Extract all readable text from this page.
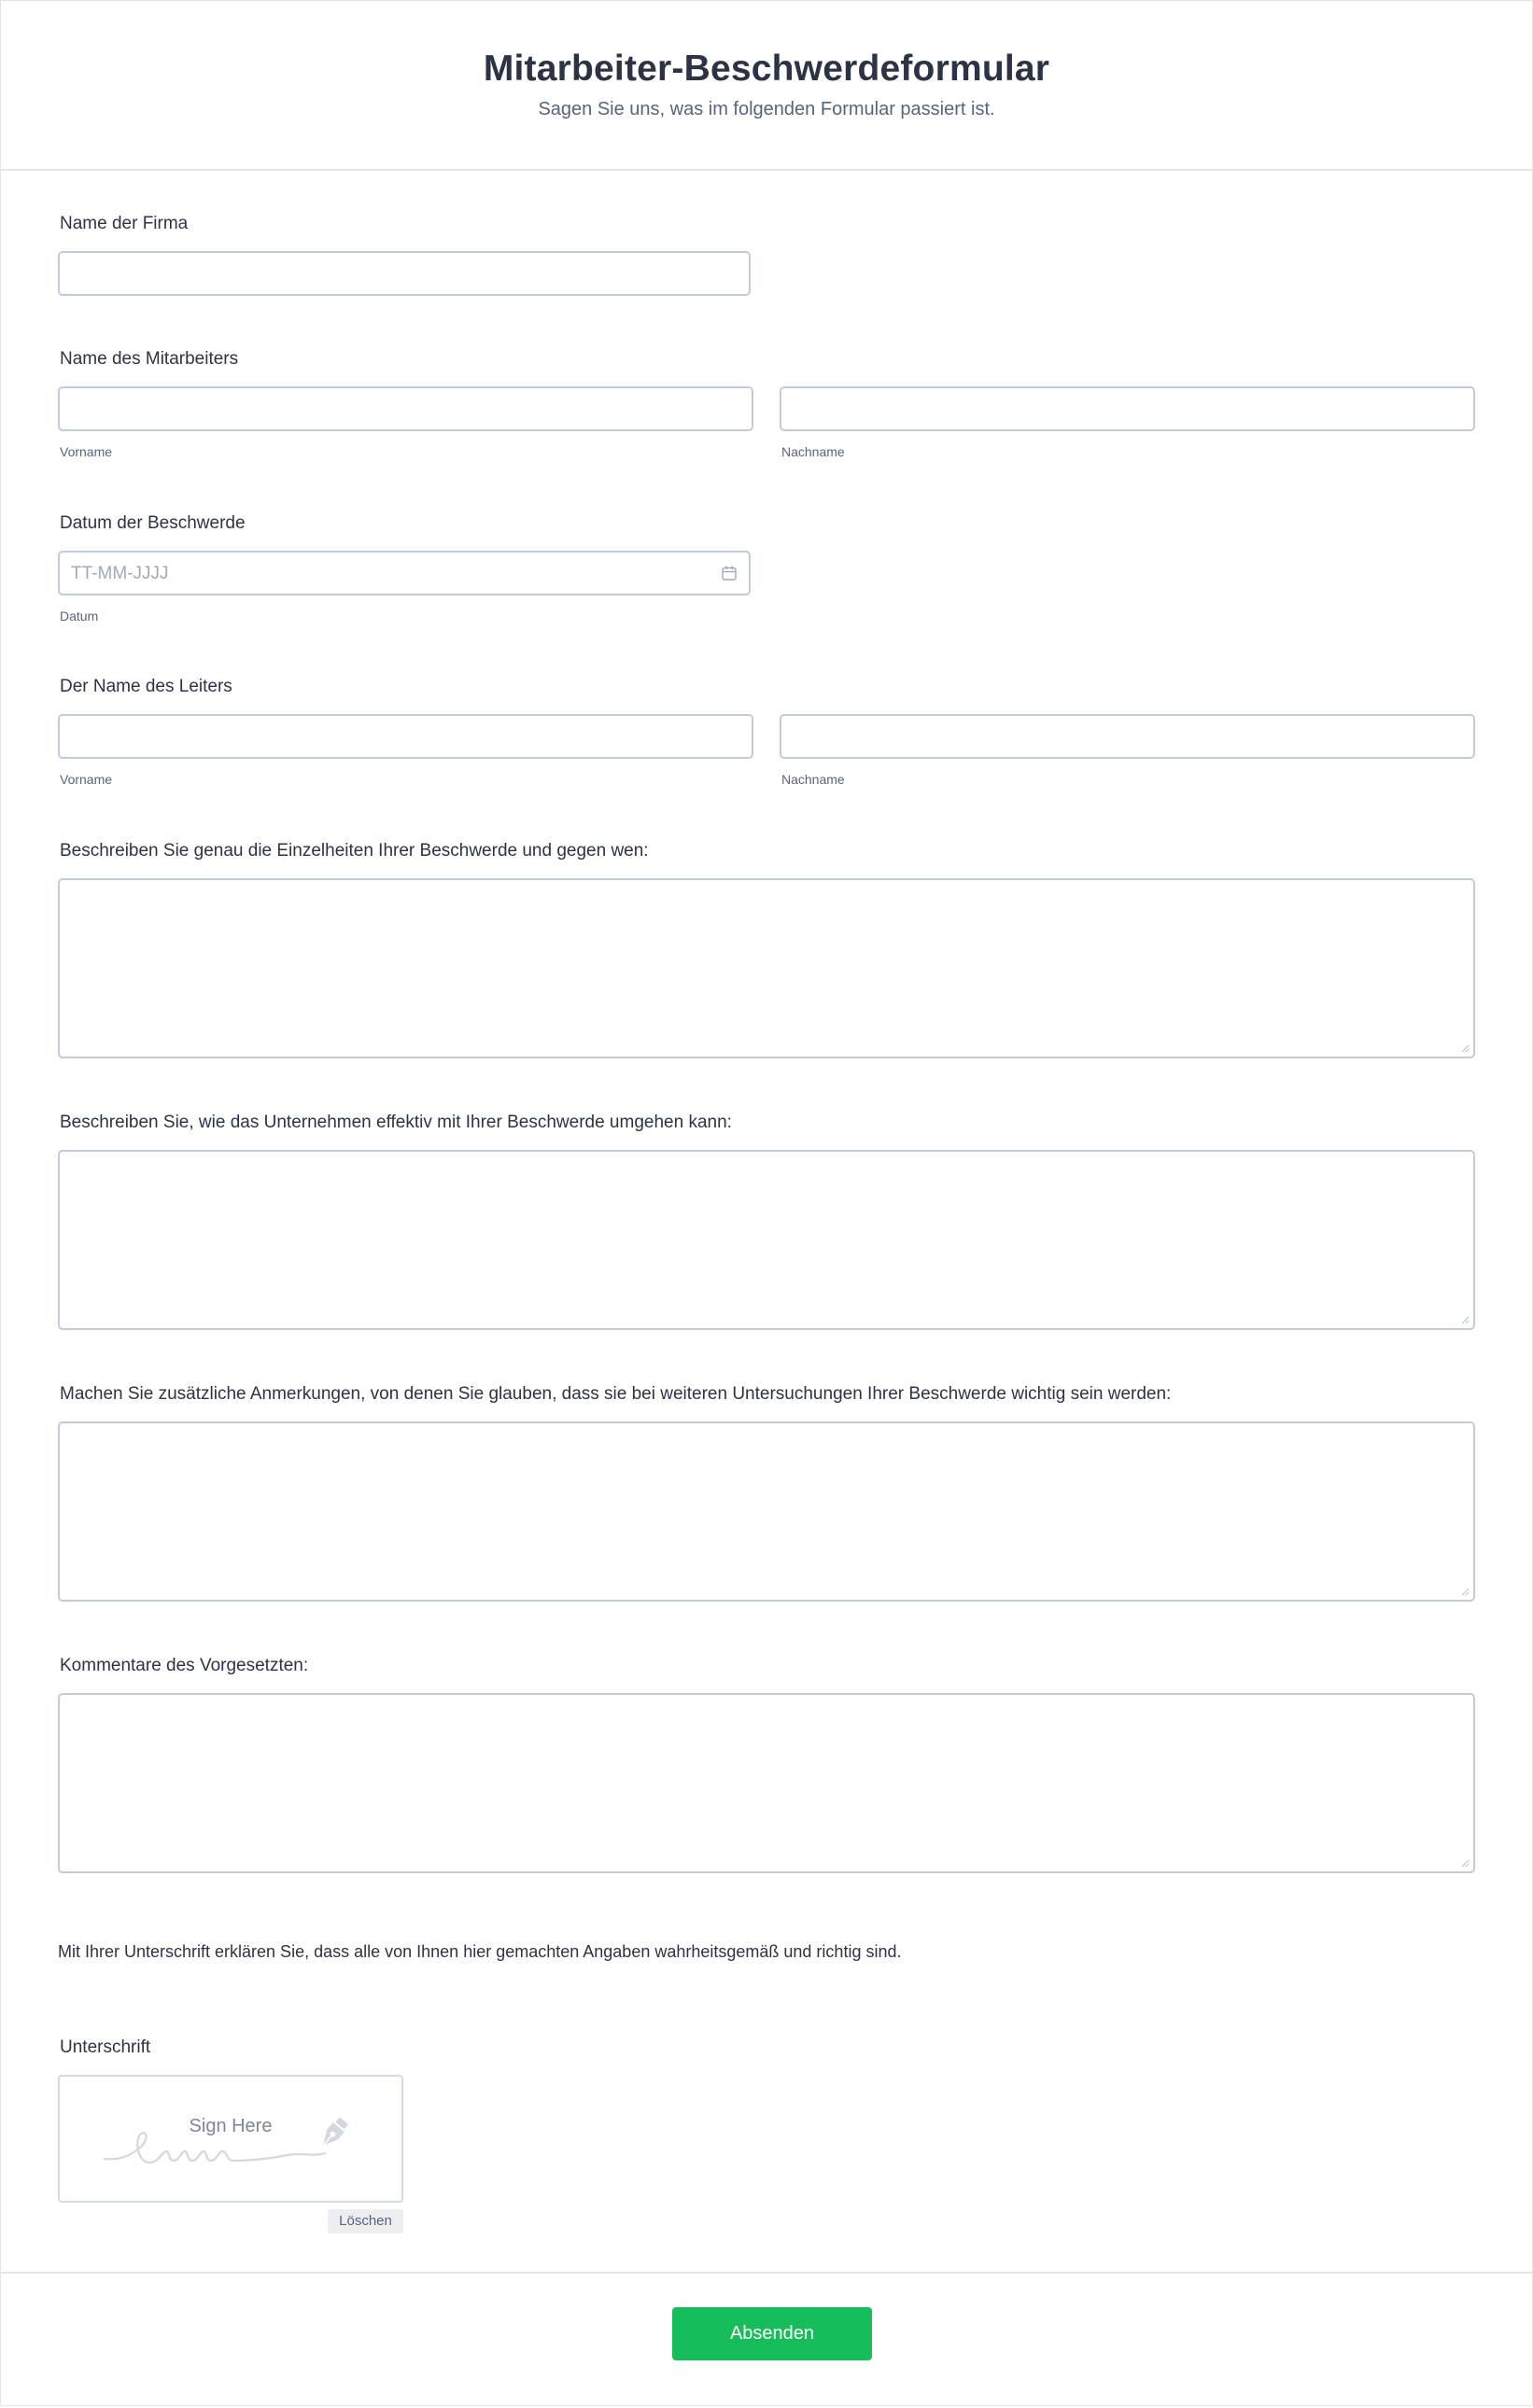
Mitarbeiter-Beschwerdeformular

Sagen Sie uns, was im folgenden Formular passiert ist.

Name der Firma
Name des Mitarbeiters
Vorname	Nachname
Datum der Beschwerde
TT-MM-JJJJ
Datum
Der Name des Leiters
Vorname	Nachname
Beschreiben Sie genau die Einzelheiten Ihrer Beschwerde und gegen wen:
Beschreiben Sie, wie das Unternehmen effektiv mit Ihrer Beschwerde umgehen kann:
Machen Sie zusätzliche Anmerkungen, von denen Sie glauben, dass sie bei weiteren Untersuchungen Ihrer Beschwerde wichtig sein werden:
Kommentare des Vorgesetzten:
Mit Ihrer Unterschrift erklären Sie, dass alle von Ihnen hier gemachten Angaben wahrheitsgemäß und richtig sind.
Unterschrift
Sign Here
Löschen
Absenden
